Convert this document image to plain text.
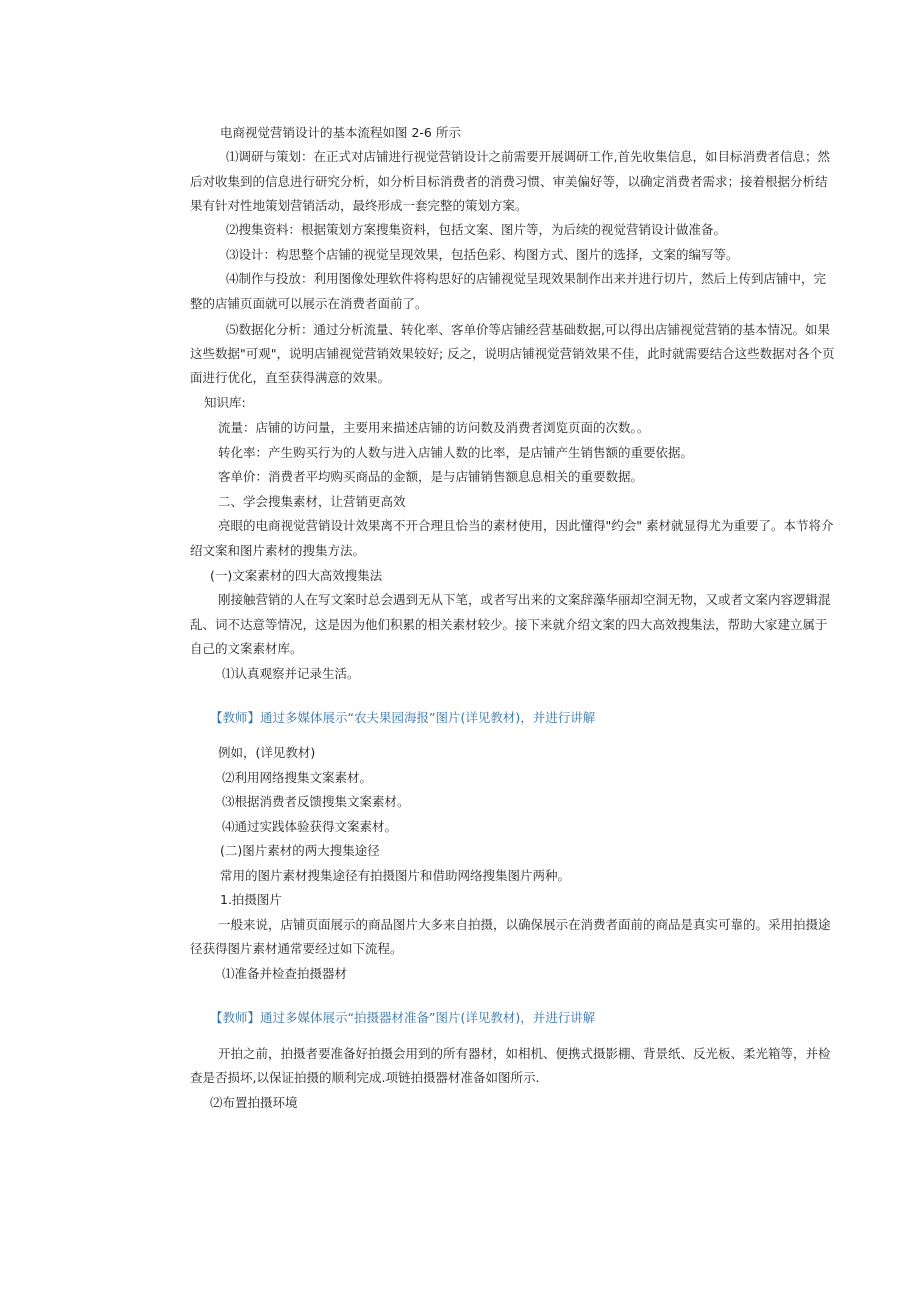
电商视觉营销设计的基本流程如图 2-6 所示
⑴调研与策划：在正式对店铺进行视觉营销设计之前需要开展调研工作,首先收集信息，如目标消费者信息；然
后对收集到的信息进行研究分析，如分析目标消费者的消费习惯、审美偏好等，以确定消费者需求；接着根据分析结
果有针对性地策划营销活动，最终形成一套完整的策划方案。
⑵搜集资料：根据策划方案搜集资料，包括文案、图片等，为后续的视觉营销设计做准备。
⑶设计：构思整个店铺的视觉呈现效果，包括色彩、构图方式、图片的选择，文案的编写等。
⑷制作与投放：利用图像处理软件将构思好的店铺视觉呈现效果制作出来并进行切片，然后上传到店铺中，完
整的店铺页面就可以展示在消费者面前了。
⑸数据化分析：通过分析流量、转化率、客单价等店铺经营基础数据,可以得出店铺视觉营销的基本情况。如果
这些数据"可观"，说明店铺视觉营销效果较好; 反之，说明店铺视觉营销效果不佳，此时就需要结合这些数据对各个页
面进行优化，直至获得满意的效果。
知识库:
流量：店铺的访问量，主要用来描述店铺的访问数及消费者浏览页面的次数。。
转化率：产生购买行为的人数与进入店铺人数的比率，是店铺产生销售额的重要依据。
客单价：消费者平均购买商品的金额，是与店铺销售额息息相关的重要数据。
二、学会搜集素材，让营销更高效
亮眼的电商视觉营销设计效果离不开合理且恰当的素材使用，因此懂得"约会" 素材就显得尤为重要了。本节将介
绍文案和图片素材的搜集方法。
(一)文案素材的四大高效搜集法
刚接触营销的人在写文案时总会遇到无从下笔，或者写出来的文案辞藻华丽却空洞无物，又或者文案内容逻辑混
乱、词不达意等情况，这是因为他们积累的相关素材较少。接下来就介绍文案的四大高效搜集法，帮助大家建立属于
自己的文案素材库。
⑴认真观察并记录生活。
【教师】通过多媒体展示“农夫果园海报”图片(详见教材)，并进行讲解
例如，(详见教材)
⑵利用网络搜集文案素材。
⑶根据消费者反馈搜集文案素材。
⑷通过实践体验获得文案素材。
(二)图片素材的两大搜集途径
常用的图片素材搜集途径有拍摄图片和借助网络搜集图片两种。
1.拍摄图片
一般来说，店铺页面展示的商品图片大多来自拍摄，以确保展示在消费者面前的商品是真实可靠的。采用拍摄途
径获得图片素材通常要经过如下流程。
⑴准备并检查拍摄器材
【教师】通过多媒体展示“拍摄器材准备”图片(详见教材)，并进行讲解
开拍之前，拍摄者要准备好拍摄会用到的所有器材，如相机、便携式摄影棚、背景纸、反光板、柔光箱等，并检
查是否损坏,以保证拍摄的顺利完成.项链拍摄器材准备如图所示.
⑵布置拍摄环境
